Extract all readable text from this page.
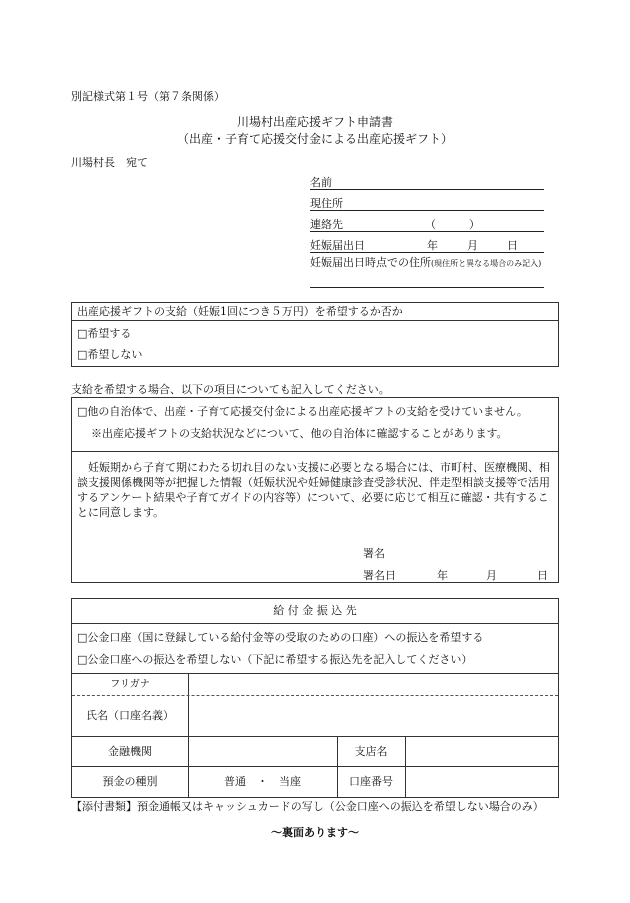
別記様式第１号（第７条関係）
川場村出産応援ギフト申請書
（出産・子育て応援交付金による出産応援ギフト）
川場村長　宛て
名前
現住所
連絡先	（　　　）
妊娠届出日	年	月	日
妊娠届出日時点での住所(現住所と異なる場合のみ記入)
出産応援ギフトの支給（妊娠1回につき５万円）を希望するか否か
□希望する
□希望しない
支給を希望する場合、以下の項目についても記入してください。
□他の自治体で、出産・子育て応援交付金による出産応援ギフトの支給を受けていません。
※出産応援ギフトの支給状況などについて、他の自治体に確認することがあります。
妊娠期から子育て期にわたる切れ目のない支援に必要となる場合には、市町村、医療機関、相談支援関係機関等が把握した情報（妊娠状況や妊婦健康診査受診状況、伴走型相談支援等で活用するアンケート結果や子育てガイドの内容等）について、必要に応じて相互に確認・共有することに同意します。
署名
署名日	年	月	日
給 付 金 振 込 先
□公金口座（国に登録している給付金等の受取のための口座）への振込を希望する
□公金口座への振込を希望しない（下記に希望する振込先を記入してください）
フリガナ
氏名（口座名義）
金融機関	支店名
預金の種別	普通　・　当座	口座番号
【添付書類】預金通帳又はキャッシュカードの写し（公金口座への振込を希望しない場合のみ）
～裏面あります～
